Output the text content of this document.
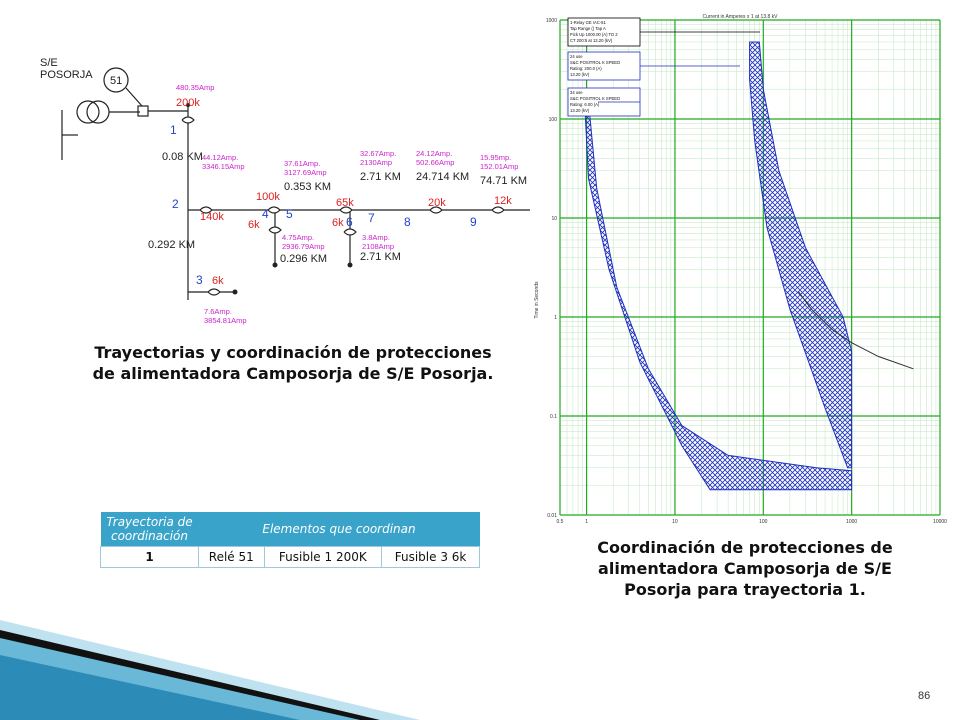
S/E
POSORJA 51
1
2
3
4 5
6 7 8	9
200k
140k
6k
100k
6k
65k
6k
20k	12k
0.08 KM
0.292 KM
0.353 KM
0.296 KM
2.71 KM
2.71 KM
24.714 KM 74.71 KM
480.35Amp
44.12Amp.
3346.15Amp	37.61Amp.
3127.69Amp
32.67Amp.
2130Amp
24.12Amp.
502.66Amp
15.95mp.
152.01Amp
4.75Amp.
2936.79Amp
3.8Amp.
2108Amp
7.6Amp.
3854.81Amp
Trayectorias y coordinación de protecciones de alimentadora Camposorja de S/E Posorja.
0.5	1	10	100	1000	10000
1000
100
10
1
0.1
0.01
Current in Amperes x 1 at 13.8 kV
Time in Seconds
1-Relay GE IAC-51
Tap Range () Tap A
Pick Up 1000.00 (A) TD 2
CT 200:5 at 13.20 (kV)
24 use
S&C POSITROL K SPEED
Rating: 200.0 (A)
13.20 (kV)
34 use
S&C POSITROL K SPEED
Rating: 6.00 (A)
13.20 (kV)
Coordinación de protecciones de alimentadora Camposorja de S/E Posorja para trayectoria 1.
Trayectoria de coordinación	Elementos que coordinan		
1	Relé 51	Fusible 1 200K	Fusible 3 6k
86
